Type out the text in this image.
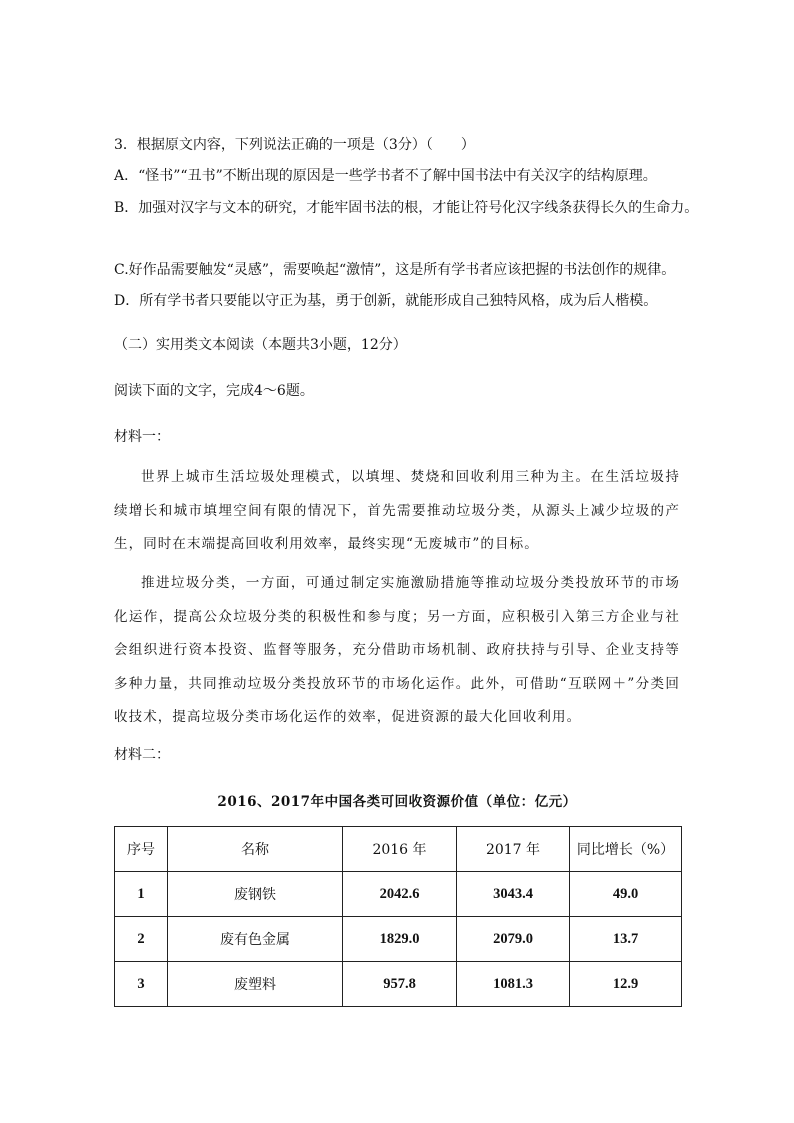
3．根据原文内容，下列说法正确的一项是（3分）（　　）
A．“怪书”“丑书”不断出现的原因是一些学书者不了解中国书法中有关汉字的结构原理。
B．加强对汉字与文本的研究，才能牢固书法的根，才能让符号化汉字线条获得长久的生命力。
C.好作品需要触发“灵感”，需要唤起“激情”，这是所有学书者应该把握的书法创作的规律。
D．所有学书者只要能以守正为基，勇于创新，就能形成自己独特风格，成为后人楷模。
（二）实用类文本阅读（本题共3小题，12分）
阅读下面的文字，完成4～6题。
材料一：
世界上城市生活垃圾处理模式，以填埋、焚烧和回收利用三种为主。在生活垃圾持续增长和城市填埋空间有限的情况下，首先需要推动垃圾分类，从源头上减少垃圾的产生，同时在末端提高回收利用效率，最终实现“无废城市”的目标。
推进垃圾分类，一方面，可通过制定实施激励措施等推动垃圾分类投放环节的市场化运作，提高公众垃圾分类的积极性和参与度；另一方面，应积极引入第三方企业与社会组织进行资本投资、监督等服务，充分借助市场机制、政府扶持与引导、企业支持等多种力量，共同推动垃圾分类投放环节的市场化运作。此外，可借助“互联网＋”分类回收技术，提高垃圾分类市场化运作的效率，促进资源的最大化回收利用。
材料二：
2016、2017年中国各类可回收资源价值（单位：亿元）
序号	名称	2016 年	2017 年	同比增长（%）
1	废钢铁	2042.6	3043.4	49.0
2	废有色金属	1829.0	2079.0	13.7
3	废塑料	957.8	1081.3	12.9
